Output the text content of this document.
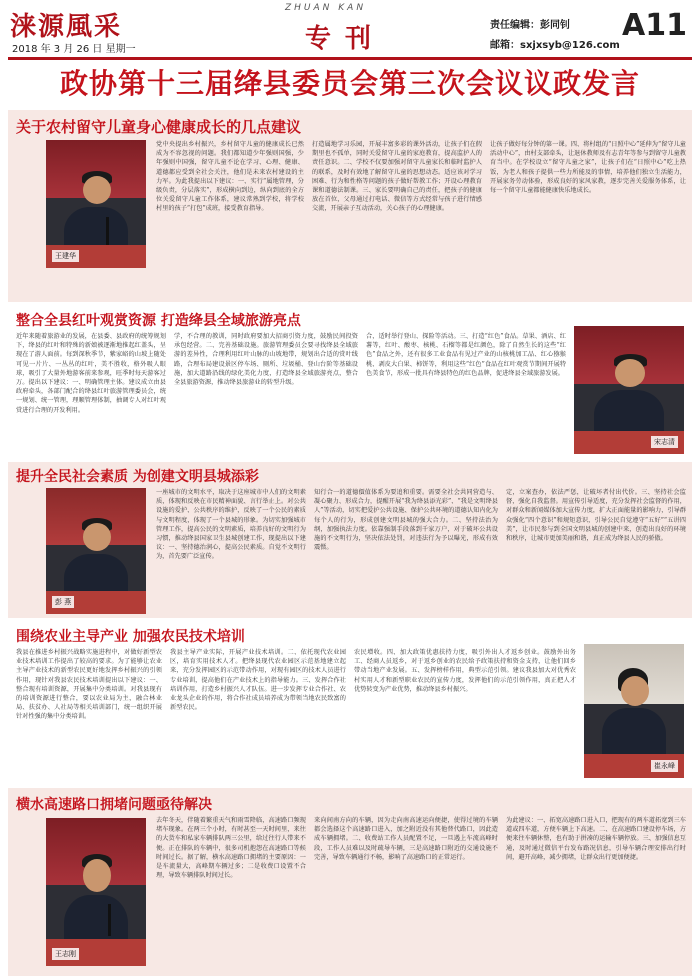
涞源風采
2018 年 3 月 26 日 星期一
ZHUAN KAN
专刊	责任编辑：彭同钊
邮箱：sxjxsyb@126.com
A11
政协第十三届绛县委员会第三次会议议政发言
关于农村留守儿童身心健康成长的几点建议
王建华
党中央提出乡村振兴，乡村留守儿童的健康成长已然成为不容忽视的问题。我们都知道少年强则国强，少年强则中国强，留守儿童不论在学习、心理、健康、道德都应受到全社会关注，他们是未来农村建设的主力军。为此我提出以下建议：一、实行“属地管理，分级负责，分层落实”，形成横向到边，纵向到底的全方位关爱留守儿童工作体系，建议常熟到学校，将学校村里的孩子“打包”成班，接受教育指导。
打造属地学习乐园，开展丰富多彩的课外活动，让孩子们在假期里也不孤单，同时关爱留守儿童的家庭教育，提高监护人的责任意识。二、学校不仅要加强对留守儿童家长和临时监护人的联系，及时有效地了解留守儿童的思想动态。适应该对学习困难、行为和性格等问题的孩子做好帮教工作；开设心理教育课和道德法制课。三、家长要明确自己的责任，把孩子的健康放在首位，父母通过打电话、微信等方式经常与孩子进行情感交流，开展亲子互动活动，关心孩子的心理健康。
让孩子做好每分钟的第一课。四、将村组的“日照中心”延伸为“留守儿童活动中心”，由村支部牵头，让退休教师及有志青年等参与到留守儿童教育当中。在学校设立“留守儿童之家”，让孩子们在“日照中心”吃上热饭，为老人和孩子提供一些力所能及的事情，培养他们独立生活能力，开展家务劳动体验，形成良好的家风家教，逐步完善关爱服务体系，让每一个留守儿童都能健康快乐地成长。
整合全县红叶观赏资源 打造绛县全域旅游亮点
近年来随着旅游业的发展，在县委、县政府的统筹规划下，绛县的红叶和特殊的新娘被逐渐地推起红盖头，呈现在了游人面前。每到深秋季节，紫家峪的山坡上随处可见一片片、一丛丛的红叶，美不胜收，格外吸人眼球，吸引了大量外地游客前来参观，旺季时每天游客过万。提出以下建议：一、明确管理主体。建议成立由县政府牵头，各部门配合的绛县红叶旅游管理委员会，统一规划、统一管理，理顺管理体制，抽调专人对红叶观赏进行合理的开发利用。
学，不合理的教训，同时政府要加大招商引资力度，鼓励民间投资承包经营。二、完善基础设施。旅游管理委员会要寻找绛县全域旅游的差异性，合理利用红叶山脉的山坡地带，规划出合适的赏叶线路，合理布局建设景区停车场、厕所、垃圾桶、登山台阶等基础设施，加大道路沿线的绿化美化力度，打造绛县全域旅游亮点，整合全县旅游资源，推动绛县旅游业的转型升级。
合，适时举行登山、探险等活动。三、打造“红色”食品。草果、酒店、红薯等，红叶、酸枣、核桃、石榴等都是红颜色，除了自然生长的这些“红色”食品之外，还有很多工业食品有见过产业的山核桃加工品、红心猕猴桃、剥皮大白果、柿饼等，利用这些“红色”食品在红叶观赏节期间开展特色美食节，形成一批具有绛县特色的红色品牌，促进绛县全域旅游发展。
宋志清
提升全民社会素质 为创建文明县城添彩
彭 燕
一座城市的文明水平，取决于这座城市中人们的文明素质，体现和反映在市民精神面貌、言行举止上。对公共设施的爱护、公共秩序的维护，反映了一个公民的素质与文明程度，体现了一个县城的形象。为切实加强城市管理工作，提高公民的文明素质，培养良好的文明行为习惯，推动绛县国家卫生县城创建工作，现提出以下建议：一、坚持德治润心，提高公民素质。自觉不文明行为，首先要广泛宣传。
知行合一的道德價值体系为要追和重要。需要全社会共同营造与、凝心聚力、形成合力，提醒开展“我为绛县添光彩”、“我是文明绛县人”等活动，切实把爱护公共设施、保护公共环境的道德认知内化为每个人的行为，形成创建文明县城的强大合力。二、坚持法治为纲，加强执法力度。依靠强制手段落到千家万户，对于破坏公共设施的不文明行为，坚决依法处罚，对违法行为予以曝光，形成有效震慑。
定，立案查办，依法严惩，让破坏者付出代价。三、坚持社会监督，强化自我监督。用宣传引导适度，充分发挥社会监督的作用，对群众和新闻媒体加大宣传力度，扩大正面能量的影响力，引导群众强化“四个意识”和规矩意识，引导公民自觉遵守“五好”“五讲四美”，让市民参与到全国文明县城的创建中来，创造出良好的环境和秩序，让城市更加美丽和谐，真正成为绛县人民的骄傲。
围绕农业主导产业 加强农民技术培训
我县在推进乡村振兴战略实施进程中，对做好新型农业技术培训工作提出了较高的要求。为了能够让农业主导产业技术的新型农民更好地发挥乡村振兴的引领作用，现针对我县农民技术培训提出以下建议：一、整合现有培训资源，开展集中分类培训。对我县现有的培训资源进行整合，要以农业局为主，融合林业局、扶贫办、人社局等相关培训部门，统一组织开展针对性强的集中分类培训。
我县主导产业实际，开展产业技术培训。二、依托现代农业园区，培育实用技术人才。把绛县现代农业园区示范基地建立起来，充分发挥园区的示范带动作用，对现有园区的技术人员进行专业培训，提高他们在产业技术上的指导能力。三、发挥合作社培训作用，打造乡村振兴人才队伍。进一步发挥专业合作社、农业龙头企业的作用，将合作社成员培养成为带领当地农民致富的新型农民。
农民增收。四、加大政策优惠扶持力度，吸引外出人才返乡创业。鼓励外出务工、经商人员返乡，对于返乡创业的农民给予政策扶持和资金支持，让他们回乡带动当地产业发展。五、发挥榜样作用，典型示范引领。建议我县加大对优秀农村实用人才和新型职业农民的宣传力度，发挥他们的示范引领作用，真正把人才优势转变为产业优势，推动绛县乡村振兴。
崔永峰
横水高速路口拥堵问题亟待解决
王志刚
去年冬天，伴随着繁重天气和雨雪降临，高速路口频现堵车现象。在两三个小时，有时甚至一天时间里，来往的大货车和私家车辆排队两三公里，给过往行人带来不便。正在排队的车辆中，很多司机抱怨在高速路口等候时间过长。据了解，横水高速路口拥堵的主要原因：一是车流量大，高峰期车辆过多；二是收费口设置不合理，导致车辆排队时间过长。
来向间南方向的车辆，因为走向南高速运向便捷，使得过境的车辆都会选择这个高速路口进入，加之附近没有其他替代路口，因此造成车辆拥堵。二、收费站工作人员配置不足，一旦遇上车流高峰时段，工作人员难以及时疏导车辆，三是高速路口附近的交通设施不完善，导致车辆通行不畅，影响了高速路口的正常运行。
为此建议：一、拓宽高速路口进入口，把现有的两车道拓宽到三车道或四车道，方便车辆上下高速。二、在高速路口建设停车场，方便来往车辆休整，也有助于拼凑的运输车辆停放。三、加强信息互通，及时通过微信平台发布路况信息，引导车辆合理安排出行时间，避开高峰，减少拥堵，让群众出行更加便捷。
